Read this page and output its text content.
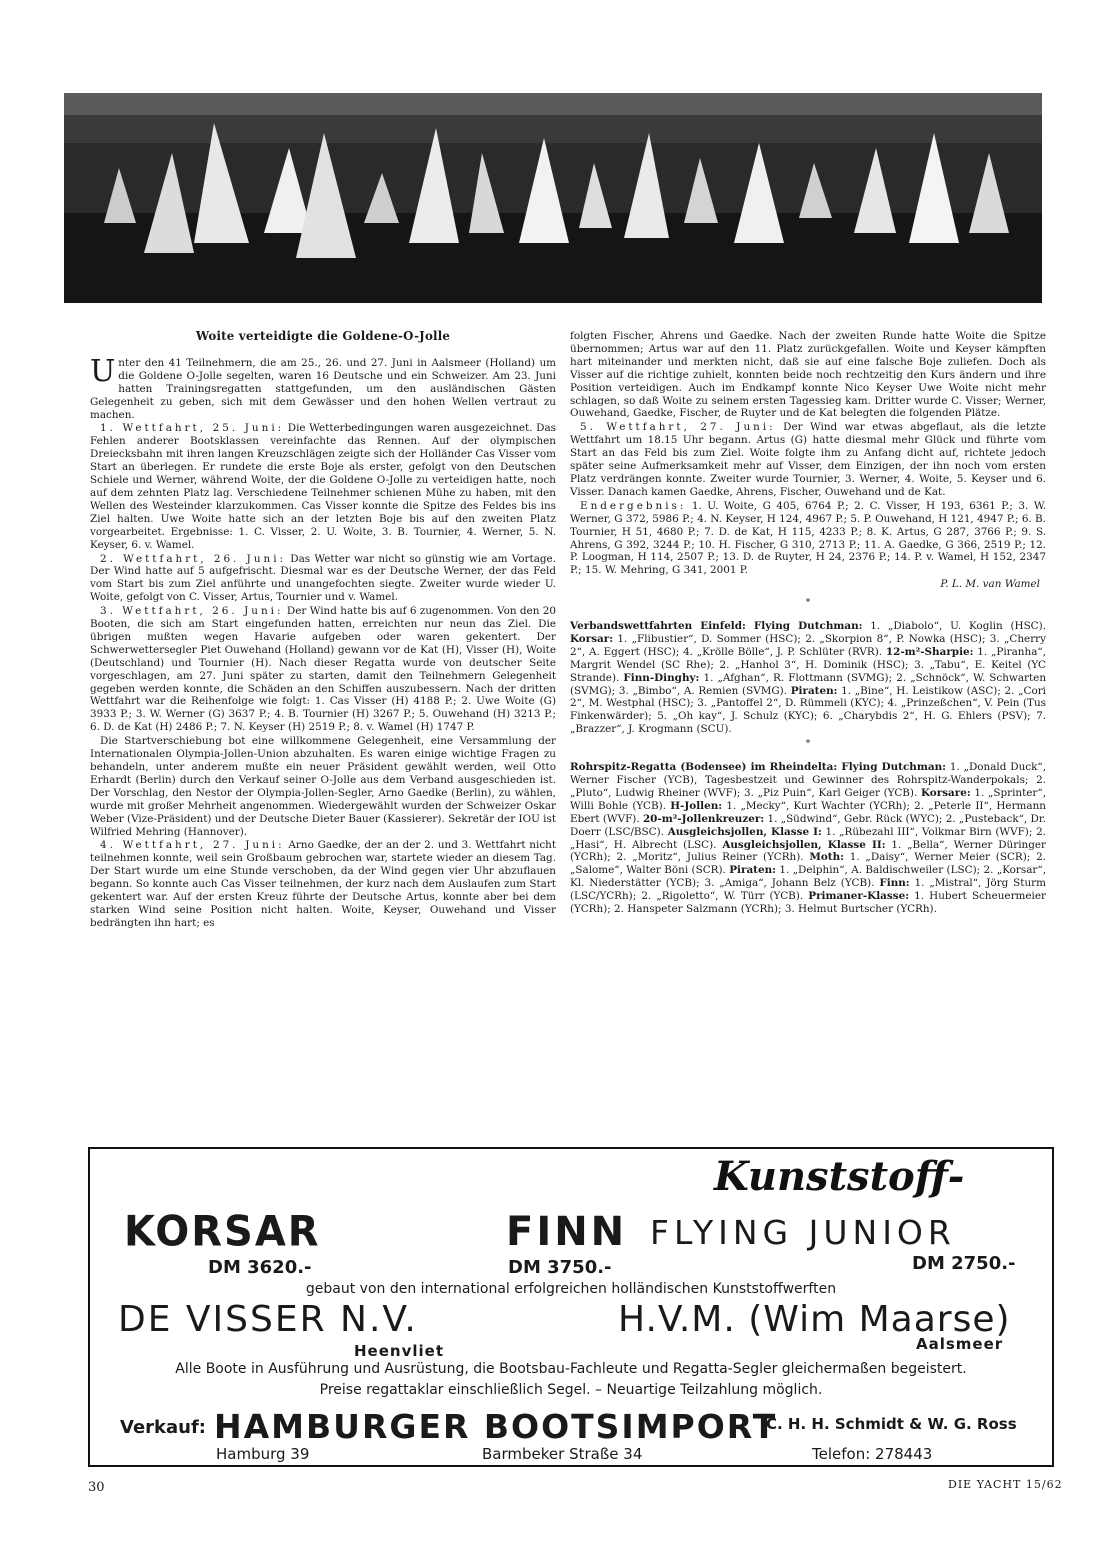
Woite verteidigte die Goldene-O-Jolle

Unter den 41 Teilnehmern, die am 25., 26. und 27. Juni in Aalsmeer (Holland) um die Goldene O-Jolle segelten, waren 16 Deutsche und ein Schweizer. Am 23. Juni hatten Trainingsregatten stattgefunden, um den ausländischen Gästen Gelegenheit zu geben, sich mit dem Gewässer und den hohen Wellen vertraut zu machen.

1. Wettfahrt, 25. Juni: Die Wetterbedingungen waren ausgezeichnet. Das Fehlen anderer Bootsklassen vereinfachte das Rennen. Auf der olympischen Dreiecksbahn mit ihren langen Kreuzschlägen zeigte sich der Holländer Cas Visser vom Start an überlegen. Er rundete die erste Boje als erster, gefolgt von den Deutschen Schiele und Werner, während Woite, der die Goldene O-Jolle zu verteidigen hatte, noch auf dem zehnten Platz lag. Verschiedene Teilnehmer schienen Mühe zu haben, mit den Wellen des Westeinder klarzukommen. Cas Visser konnte die Spitze des Feldes bis ins Ziel halten. Uwe Woite hatte sich an der letzten Boje bis auf den zweiten Platz vorgearbeitet. Ergebnisse: 1. C. Visser, 2. U. Woite, 3. B. Tournier, 4. Werner, 5. N. Keyser, 6. v. Wamel.

2. Wettfahrt, 26. Juni: Das Wetter war nicht so günstig wie am Vortage. Der Wind hatte auf 5 aufgefrischt. Diesmal war es der Deutsche Werner, der das Feld vom Start bis zum Ziel anführte und unangefochten siegte. Zweiter wurde wieder U. Woite, gefolgt von C. Visser, Artus, Tournier und v. Wamel.

3. Wettfahrt, 26. Juni: Der Wind hatte bis auf 6 zugenommen. Von den 20 Booten, die sich am Start eingefunden hatten, erreichten nur neun das Ziel. Die übrigen mußten wegen Havarie aufgeben oder waren gekentert. Der Schwerwettersegler Piet Ouwehand (Holland) gewann vor de Kat (H), Visser (H), Woite (Deutschland) und Tournier (H). Nach dieser Regatta wurde von deutscher Seite vorgeschlagen, am 27. Juni später zu starten, damit den Teilnehmern Gelegenheit gegeben werden konnte, die Schäden an den Schiffen auszubessern. Nach der dritten Wettfahrt war die Reihenfolge wie folgt: 1. Cas Visser (H) 4188 P.; 2. Uwe Woite (G) 3933 P.; 3. W. Werner (G) 3637 P.; 4. B. Tournier (H) 3267 P.; 5. Ouwehand (H) 3213 P.; 6. D. de Kat (H) 2486 P.; 7. N. Keyser (H) 2519 P.; 8. v. Wamel (H) 1747 P.

Die Startverschiebung bot eine willkommene Gelegenheit, eine Versammlung der Internationalen Olympia-Jollen-Union abzuhalten. Es waren einige wichtige Fragen zu behandeln, unter anderem mußte ein neuer Präsident gewählt werden, weil Otto Erhardt (Berlin) durch den Verkauf seiner O-Jolle aus dem Verband ausgeschieden ist. Der Vorschlag, den Nestor der Olympia-Jollen-Segler, Arno Gaedke (Berlin), zu wählen, wurde mit großer Mehrheit angenommen. Wiedergewählt wurden der Schweizer Oskar Weber (Vize-Präsident) und der Deutsche Dieter Bauer (Kassierer). Sekretär der IOU ist Wilfried Mehring (Hannover).

4. Wettfahrt, 27. Juni: Arno Gaedke, der an der 2. und 3. Wettfahrt nicht teilnehmen konnte, weil sein Großbaum gebrochen war, startete wieder an diesem Tag. Der Start wurde um eine Stunde verschoben, da der Wind gegen vier Uhr abzuflauen begann. So konnte auch Cas Visser teilnehmen, der kurz nach dem Auslaufen zum Start gekentert war. Auf der ersten Kreuz führte der Deutsche Artus, konnte aber bei dem starken Wind seine Position nicht halten. Woite, Keyser, Ouwehand und Visser bedrängten ihn hart; es

folgten Fischer, Ahrens und Gaedke. Nach der zweiten Runde hatte Woite die Spitze übernommen; Artus war auf den 11. Platz zurückgefallen. Woite und Keyser kämpften hart miteinander und merkten nicht, daß sie auf eine falsche Boje zuliefen. Doch als Visser auf die richtige zuhielt, konnten beide noch rechtzeitig den Kurs ändern und ihre Position verteidigen. Auch im Endkampf konnte Nico Keyser Uwe Woite nicht mehr schlagen, so daß Woite zu seinem ersten Tagessieg kam. Dritter wurde C. Visser; Werner, Ouwehand, Gaedke, Fischer, de Ruyter und de Kat belegten die folgenden Plätze.

5. Wettfahrt, 27. Juni: Der Wind war etwas abgeflaut, als die letzte Wettfahrt um 18.15 Uhr begann. Artus (G) hatte diesmal mehr Glück und führte vom Start an das Feld bis zum Ziel. Woite folgte ihm zu Anfang dicht auf, richtete jedoch später seine Aufmerksamkeit mehr auf Visser, dem Einzigen, der ihn noch vom ersten Platz verdrängen konnte. Zweiter wurde Tournier, 3. Werner, 4. Woite, 5. Keyser und 6. Visser. Danach kamen Gaedke, Ahrens, Fischer, Ouwehand und de Kat.

Endergebnis: 1. U. Woite, G 405, 6764 P.; 2. C. Visser, H 193, 6361 P.; 3. W. Werner, G 372, 5986 P.; 4. N. Keyser, H 124, 4967 P.; 5. P. Ouwehand, H 121, 4947 P.; 6. B. Tournier, H 51, 4680 P.; 7. D. de Kat, H 115, 4233 P.; 8. K. Artus, G 287, 3766 P.; 9. S. Ahrens, G 392, 3244 P.; 10. H. Fischer, G 310, 2713 P.; 11. A. Gaedke, G 366, 2519 P.; 12. P. Loogman, H 114, 2507 P.; 13. D. de Ruyter, H 24, 2376 P.; 14. P. v. Wamel, H 152, 2347 P.; 15. W. Mehring, G 341, 2001 P.

P. L. M. van Wamel
*

Verbandswettfahrten Einfeld: Flying Dutchman: 1. „Diabolo“, U. Koglin (HSC). Korsar: 1. „Flibustier“, D. Sommer (HSC); 2. „Skorpion 8“, P. Nowka (HSC); 3. „Cherry 2“, A. Eggert (HSC); 4. „Krölle Bölle“, J. P. Schlüter (RVR). 12-m²-Sharpie: 1. „Piranha“, Margrit Wendel (SC Rhe); 2. „Hanhol 3“, H. Dominik (HSC); 3. „Tabu“, E. Keitel (YC Strande). Finn-Dinghy: 1. „Afghan“, R. Flottmann (SVMG); 2. „Schnöck“, W. Schwarten (SVMG); 3. „Bimbo“, A. Remien (SVMG). Piraten: 1. „Bine“, H. Leistikow (ASC); 2. „Cori 2“, M. Westphal (HSC); 3. „Pantoffel 2“, D. Rümmeli (KYC); 4. „Prinzeßchen“, V. Pein (Tus Finkenwärder); 5. „Oh kay“, J. Schulz (KYC); 6. „Charybdis 2“, H. G. Ehlers (PSV); 7. „Brazzer“, J. Krogmann (SCU).

*

Rohrspitz-Regatta (Bodensee) im Rheindelta: Flying Dutchman: 1. „Donald Duck“, Werner Fischer (YCB), Tagesbestzeit und Gewinner des Rohrspitz-Wanderpokals; 2. „Pluto“, Ludwig Rheiner (WVF); 3. „Piz Puin“, Karl Geiger (YCB). Korsare: 1. „Sprinter“, Willi Bohle (YCB). H-Jollen: 1. „Mecky“, Kurt Wachter (YCRh); 2. „Peterle II“, Hermann Ebert (WVF). 20-m²-Jollenkreuzer: 1. „Südwind“, Gebr. Rück (WYC); 2. „Pusteback“, Dr. Doerr (LSC/BSC). Ausgleichsjollen, Klasse I: 1. „Rübezahl III“, Volkmar Birn (WVF); 2. „Hasi“, H. Albrecht (LSC). Ausgleichsjollen, Klasse II: 1. „Bella“, Werner Düringer (YCRh); 2. „Moritz“, Julius Reiner (YCRh). Moth: 1. „Daisy“, Werner Meier (SCR); 2. „Salome“, Walter Böni (SCR). Piraten: 1. „Delphin“, A. Baldischweiler (LSC); 2. „Korsar“, Kl. Niederstätter (YCB); 3. „Amiga“, Johann Belz (YCB). Finn: 1. „Mistral“, Jörg Sturm (LSC/YCRh); 2. „Rigoletto“, W. Türr (YCB). Primaner-Klasse: 1. Hubert Scheuermeier (YCRh); 2. Hanspeter Salzmann (YCRh); 3. Helmut Burtscher (YCRh).

Kunststoff-
KORSAR	FINN FLYING JUNIOR
DM 3620.-	DM 3750.-	DM 2750.-
gebaut von den international erfolgreichen holländischen Kunststoffwerften
DE VISSER N.V.	H.V.M. (Wim Maarse)
Heenvliet	Aalsmeer
Alle Boote in Ausführung und Ausrüstung, die Bootsbau-Fachleute und Regatta-Segler gleichermaßen begeistert.
Preise regattaklar einschließlich Segel. – Neuartige Teilzahlung möglich.
Verkauf: HAMBURGER BOOTSIMPORT
C. H. H. Schmidt & W. G. Ross
Hamburg 39	Barmbeker Straße 34	Telefon: 278443
30	DIE YACHT 15/62
